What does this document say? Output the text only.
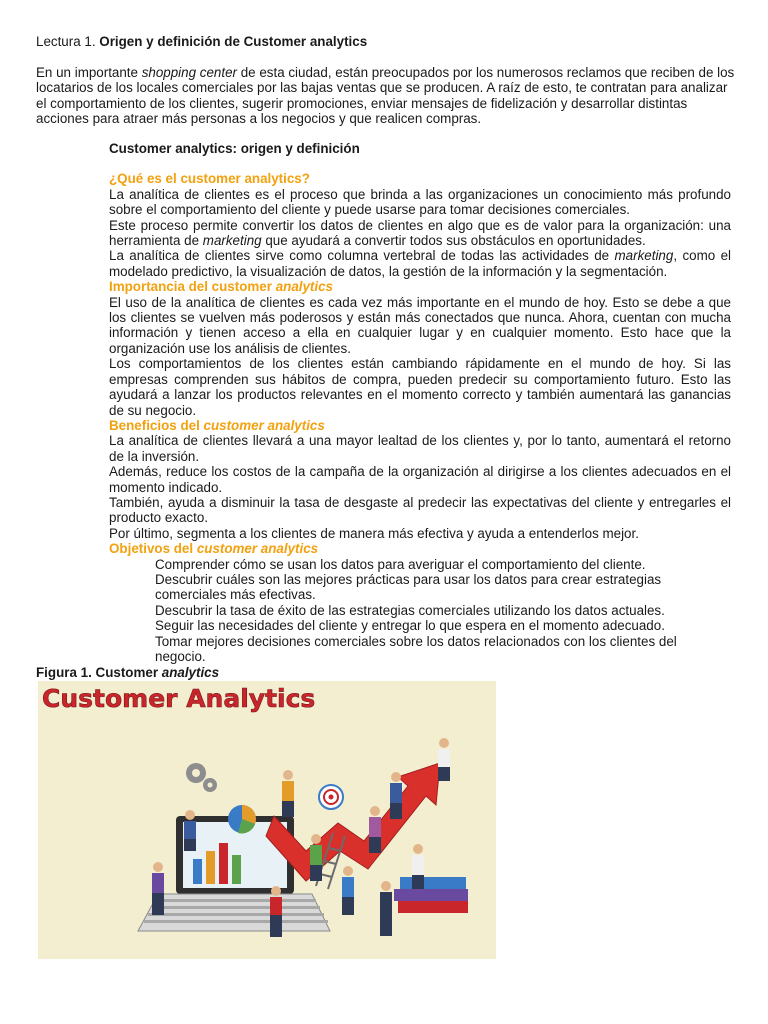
Lectura 1. Origen y definición de Customer analytics
En un importante shopping center de esta ciudad, están preocupados por los numerosos reclamos que reciben de los locatarios de los locales comerciales por las bajas ventas que se producen. A raíz de esto, te contratan para analizar el comportamiento de los clientes, sugerir promociones, enviar mensajes de fidelización y desarrollar distintas acciones para atraer más personas a los negocios y que realicen compras.

Customer analytics: origen y definición

¿Qué es el customer analytics?

La analítica de clientes es el proceso que brinda a las organizaciones un conocimiento más profundo sobre el comportamiento del cliente y puede usarse para tomar decisiones comerciales.

Este proceso permite convertir los datos de clientes en algo que es de valor para la organización: una herramienta de marketing que ayudará a convertir todos sus obstáculos en oportunidades.

La analítica de clientes sirve como columna vertebral de todas las actividades de marketing, como el modelado predictivo, la visualización de datos, la gestión de la información y la segmentación.

Importancia del customer analytics

El uso de la analítica de clientes es cada vez más importante en el mundo de hoy. Esto se debe a que los clientes se vuelven más poderosos y están más conectados que nunca. Ahora, cuentan con mucha información y tienen acceso a ella en cualquier lugar y en cualquier momento. Esto hace que la organización use los análisis de clientes.

Los comportamientos de los clientes están cambiando rápidamente en el mundo de hoy. Si las empresas comprenden sus hábitos de compra, pueden predecir su comportamiento futuro. Esto las ayudará a lanzar los productos relevantes en el momento correcto y también aumentará las ganancias de su negocio.

Beneficios del customer analytics

La analítica de clientes llevará a una mayor lealtad de los clientes y, por lo tanto, aumentará el retorno de la inversión.

Además, reduce los costos de la campaña de la organización al dirigirse a los clientes adecuados en el momento indicado.

También, ayuda a disminuir la tasa de desgaste al predecir las expectativas del cliente y entregarles el producto exacto.

Por último, segmenta a los clientes de manera más efectiva y ayuda a entenderlos mejor.

Objetivos del customer analytics

Comprender cómo se usan los datos para averiguar el comportamiento del cliente.
Descubrir cuáles son las mejores prácticas para usar los datos para crear estrategias comerciales más efectivas.
Descubrir la tasa de éxito de las estrategias comerciales utilizando los datos actuales.
Seguir las necesidades del cliente y entregar lo que espera en el momento adecuado.
Tomar mejores decisiones comerciales sobre los datos relacionados con los clientes del negocio.
Figura 1. Customer analytics
Customer Analytics
